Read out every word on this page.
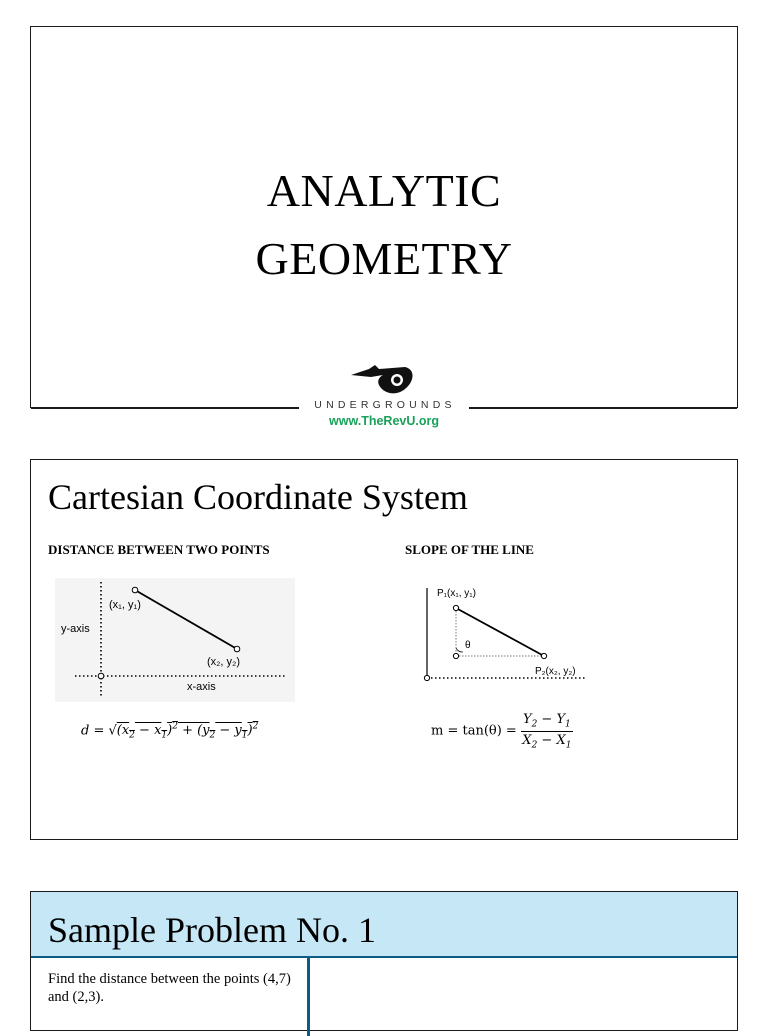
ANALYTIC
GEOMETRY
UNDERGROUNDS
www.TheRevU.org
Cartesian Coordinate System
DISTANCE BETWEEN TWO POINTS	SLOPE OF THE LINE
(x₁, y₁)
(x₂, y₂)
y-axis
x-axis
$d = √(x_2 - x_1)^2 + (y_2 - y_1)^2$
P₁(x₁, y₁)
P₂(x₂, y₂)
θ
$m = \tan(\theta) = \frac{Y_2 - Y_1}{X_2 - X_1}$
Sample Problem No. 1
Find the distance between the points (4,7) and (2,3).
